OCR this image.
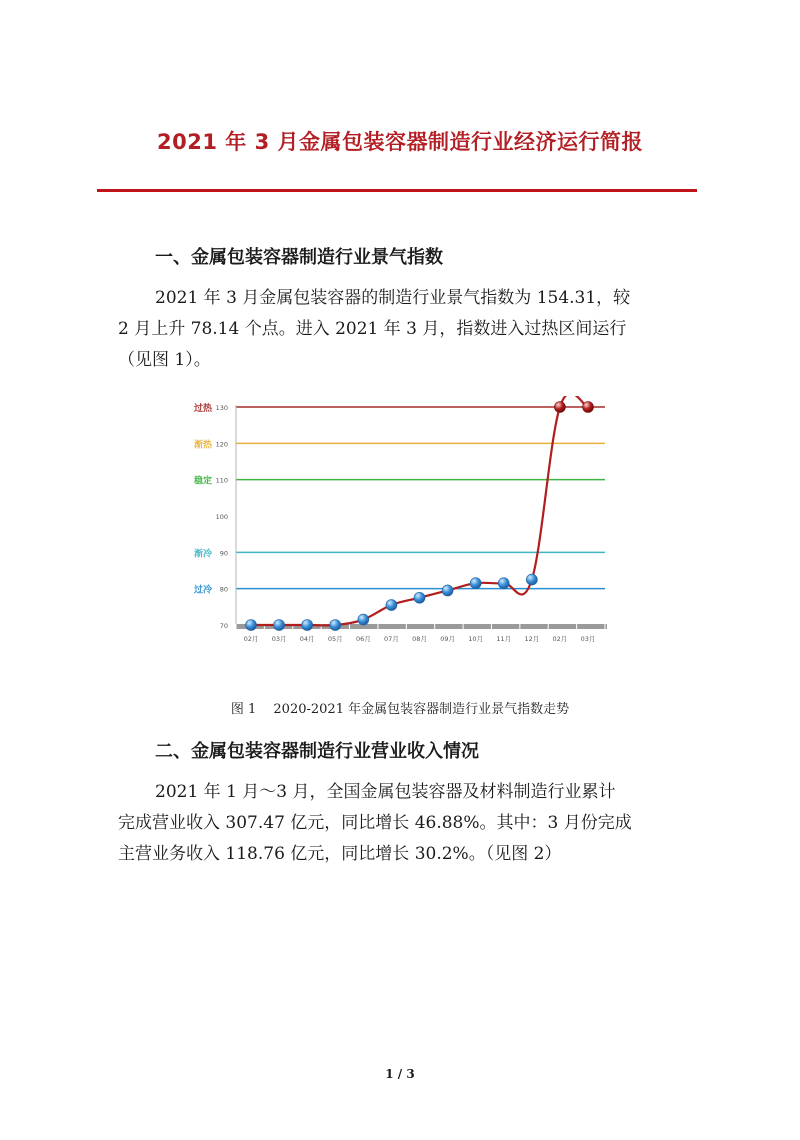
2021 年 3 月金属包装容器制造行业经济运行简报
一、金属包装容器制造行业景气指数

2021 年 3 月金属包装容器的制造行业景气指数为 154.31，较

2 月上升 78.14 个点。进入 2021 年 3 月，指数进入过热区间运行

（见图 1）。

过热
渐热
稳定
渐冷
过冷
70
80
90
100
110
120
130
02月 03月 04月 05月 06月 07月 08月 09月 10月 11月 12月 02月 03月
图 1　 2020-2021 年金属包装容器制造行业景气指数走势
二、金属包装容器制造行业营业收入情况

2021 年 1 月～3 月，全国金属包装容器及材料制造行业累计

完成营业收入 307.47 亿元，同比增长 46.88%。其中：3 月份完成

主营业务收入 118.76 亿元，同比增长 30.2%。（见图 2）

1 / 3
